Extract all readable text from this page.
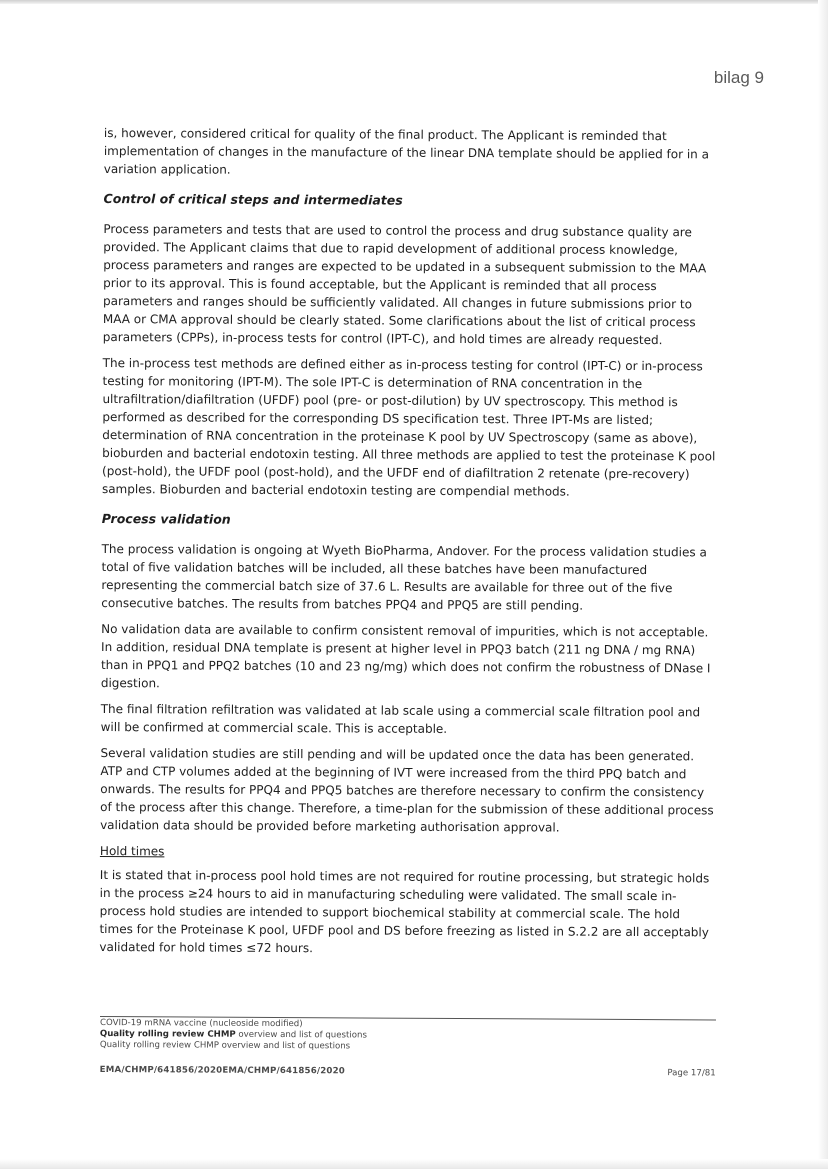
bilag 9

is, however, considered critical for quality of the final product. The Applicant is reminded that implementation of changes in the manufacture of the linear DNA template should be applied for in a variation application.

Control of critical steps and intermediates

Process parameters and tests that are used to control the process and drug substance quality are provided. The Applicant claims that due to rapid development of additional process knowledge, process parameters and ranges are expected to be updated in a subsequent submission to the MAA prior to its approval. This is found acceptable, but the Applicant is reminded that all process parameters and ranges should be sufficiently validated. All changes in future submissions prior to MAA or CMA approval should be clearly stated. Some clarifications about the list of critical process parameters (CPPs), in-process tests for control (IPT-C), and hold times are already requested.

The in-process test methods are defined either as in-process testing for control (IPT-C) or in-process testing for monitoring (IPT-M). The sole IPT-C is determination of RNA concentration in the ultrafiltration/diafiltration (UFDF) pool (pre- or post-dilution) by UV spectroscopy. This method is performed as described for the corresponding DS specification test. Three IPT-Ms are listed; determination of RNA concentration in the proteinase K pool by UV Spectroscopy (same as above), bioburden and bacterial endotoxin testing. All three methods are applied to test the proteinase K pool (post-hold), the UFDF pool (post-hold), and the UFDF end of diafiltration 2 retenate (pre-recovery) samples. Bioburden and bacterial endotoxin testing are compendial methods.

Process validation

The process validation is ongoing at Wyeth BioPharma, Andover. For the process validation studies a total of five validation batches will be included, all these batches have been manufactured representing the commercial batch size of 37.6 L. Results are available for three out of the five consecutive batches. The results from batches PPQ4 and PPQ5 are still pending.

No validation data are available to confirm consistent removal of impurities, which is not acceptable. In addition, residual DNA template is present at higher level in PPQ3 batch (211 ng DNA / mg RNA) than in PPQ1 and PPQ2 batches (10 and 23 ng/mg) which does not confirm the robustness of DNase I digestion.

The final filtration refiltration was validated at lab scale using a commercial scale filtration pool and will be confirmed at commercial scale. This is acceptable.

Several validation studies are still pending and will be updated once the data has been generated. ATP and CTP volumes added at the beginning of IVT were increased from the third PPQ batch and onwards. The results for PPQ4 and PPQ5 batches are therefore necessary to confirm the consistency of the process after this change. Therefore, a time-plan for the submission of these additional process validation data should be provided before marketing authorisation approval.

Hold times

It is stated that in-process pool hold times are not required for routine processing, but strategic holds in the process ≥24 hours to aid in manufacturing scheduling were validated. The small scale in-process hold studies are intended to support biochemical stability at commercial scale. The hold times for the Proteinase K pool, UFDF pool and DS before freezing as listed in S.2.2 are all acceptably validated for hold times ≤72 hours.

COVID-19 mRNA vaccine (nucleoside modified)
Quality rolling review CHMP overview and list of questions
Quality rolling review CHMP overview and list of questions
EMA/CHMP/641856/2020EMA/CHMP/641856/2020	Page 17/81
